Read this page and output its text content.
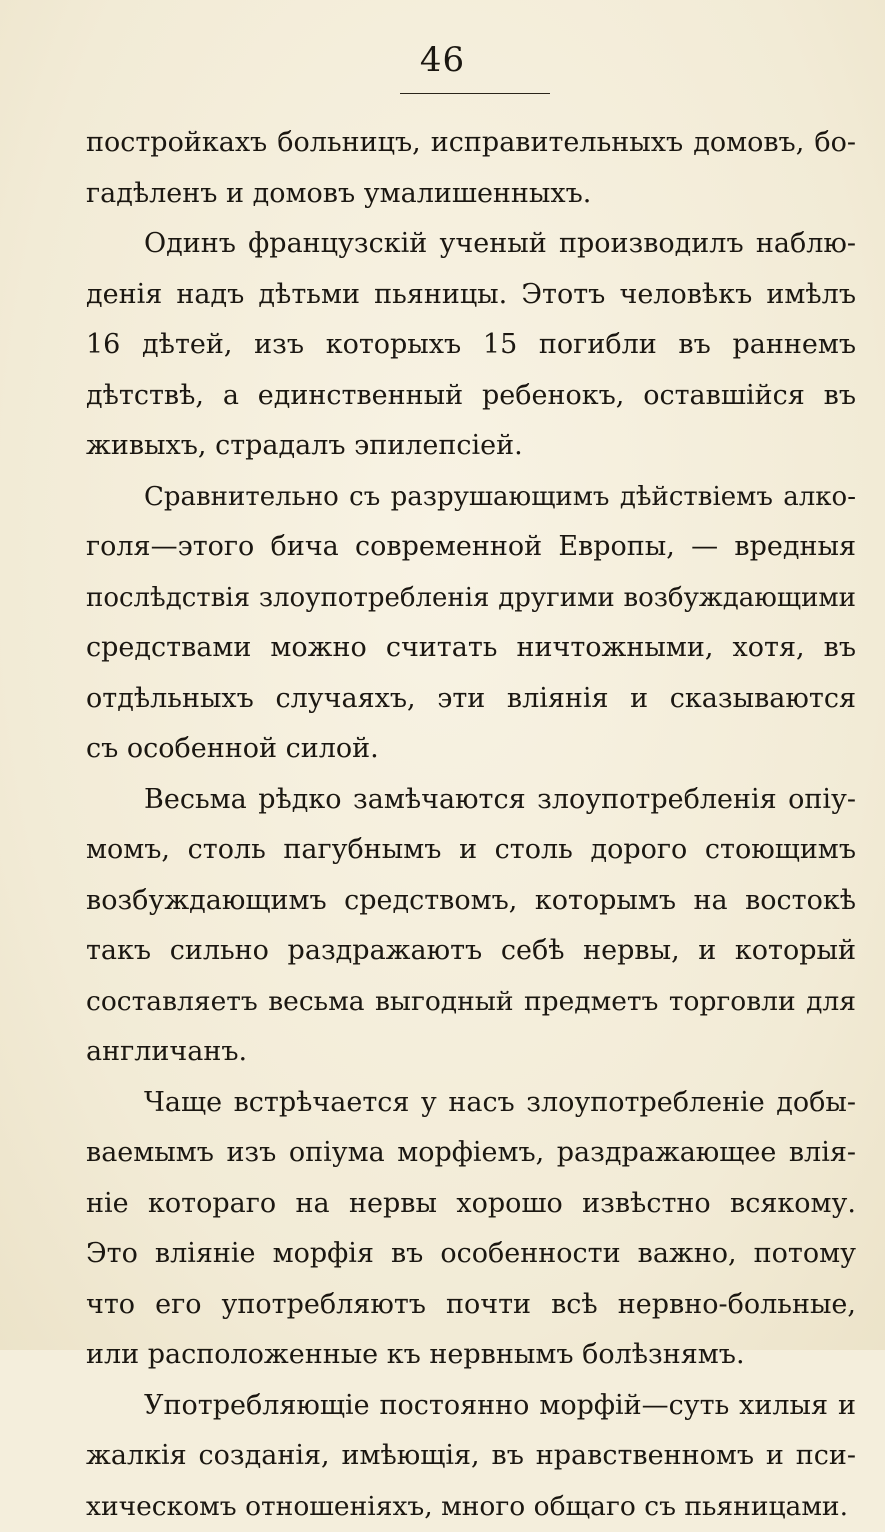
46
постройкахъ больницъ, исправительныхъ домовъ, бо-
гадѣленъ и домовъ умалишенныхъ.
Одинъ французскій ученый производилъ наблю-
денія надъ дѣтьми пьяницы. Этотъ человѣкъ имѣлъ
16 дѣтей, изъ которыхъ 15 погибли въ раннемъ
дѣтствѣ, а единственный ребенокъ, оставшійся въ
живыхъ, страдалъ эпилепсіей.
Сравнительно съ разрушающимъ дѣйствіемъ алко-
голя—этого бича современной Европы, — вредныя
послѣдствія злоупотребленія другими возбуждающими
средствами можно считать ничтожными, хотя, въ
отдѣльныхъ случаяхъ, эти вліянія и сказываются
съ особенной силой.
Весьма рѣдко замѣчаются злоупотребленія опіу-
момъ, столь пагубнымъ и столь дорого стоющимъ
возбуждающимъ средствомъ, которымъ на востокѣ
такъ сильно раздражаютъ себѣ нервы, и который
составляетъ весьма выгодный предметъ торговли для
англичанъ.
Чаще встрѣчается у насъ злоупотребленіе добы-
ваемымъ изъ опіума морфіемъ, раздражающее влія-
ніе котораго на нервы хорошо извѣстно всякому.
Это вліяніе морфія въ особенности важно, потому
что его употребляютъ почти всѣ нервно-больные,
или расположенные къ нервнымъ болѣзнямъ.
Употребляющіе постоянно морфій—суть хилыя и
жалкія созданія, имѣющія, въ нравственномъ и пси-
хическомъ отношеніяхъ, много общаго съ пьяницами.
